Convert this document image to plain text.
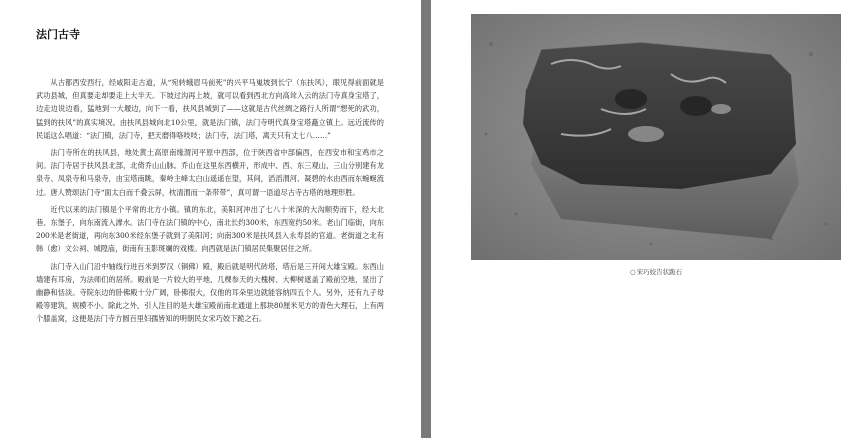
法门古寺

从古都西安西行，经咸阳走古道，从“宛转蛾眉马前死”的兴平马嵬坡到长宁（东扶风），眼见得前面就是武功县城，但真要走却要走上大半天。下坡过沟再上坡，就可以看到西北方向高耸入云的法门寺真身宝塔了，边走边说边看，猛地到一大堰边，向下一看，扶风县城到了——这就是古代丝绸之路行人所谓“想死的武功，猛到的扶风”的真实境况。由扶风县城向北10公里，就是法门镇，法门寺明代真身宝塔矗立镇上。远近流传的民谣这么唱道：“法门镇，法门寺，把天磨得咯吱吱；法门寺，法门塔，离天只有丈七八……”

法门寺所在的扶风县，地处黄土高原南缘渭河平原中西部，位于陕西省中部偏西，在西安市和宝鸡市之间。法门寺居于扶风县北部，北倚乔山山脉。乔山在这里东西横开，形成中、西、东三观山，三山分别建有龙泉寺、凤泉寺和马泉寺，由宝塔南眺，秦岭主峰太白山遥遥在望，其间，滔滔渭河、凝碧的水由西而东蜿蜒流过。唐人赞颂法门寺“面太白而千叠云屏，枕清渭而一条带带”，真可谓一语道尽古寺古塔的地理形胜。

近代以来的法门镇是个平常的北方小镇。镇的东北，美阳河冲出了七八十米深的大沟顺势而下，经大北巷、东堡子，向东南流入滹水。法门寺在法门镇的中心，南北长约300米，东西宽约50米。老山门临街，向东200米是老街道，再向东300米经东堡子就到了美阳河；向南300米是扶风县入永寿县的官道。老街道之北有韩（愈）文公祠、城隍庙，街南有玉影斑斓的戏楼。向西就是法门镇居民集聚居住之所。

法门寺入山门沿中轴线行进百米到罗汉（铜佛）殿，殿后就是明代砖塔，塔后是三开间大雄宝殿。东西山墙建有耳房，为法师们的居所。殿前是一片较大的平地，几棵参天的大槐树、大柳树遮盖了殿前空地，显出了幽静和恬淡。寺院东边的卧佛殿十分广阔，卧佛很大，仅他的耳朵里边就能容纳四五个人。另外，还有九子母殿等建筑，规模不小。除此之外，引人注目的是大雄宝殿前南北通道上那块80厘米见方的青色大理石，上有两个膝盖窝，这便是法门寺方圆百里妇孺皆知的明朝民女宋巧姣下跪之石。

○宋巧姣告状跪石
